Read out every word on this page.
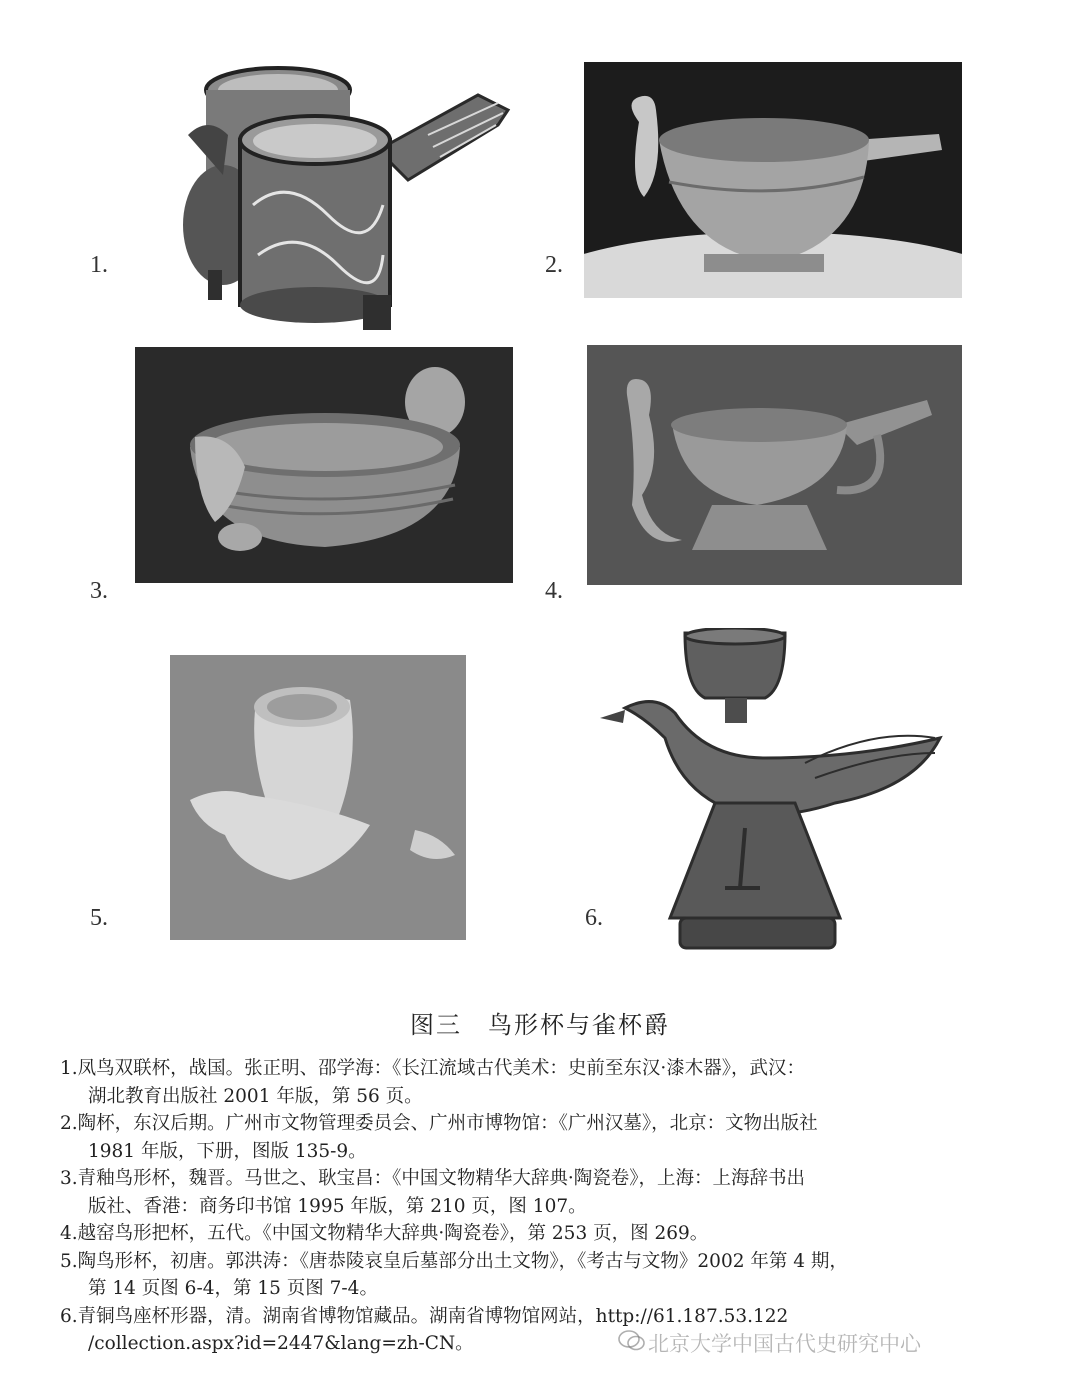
1.	2.
3.	4.
5.	6.
图三　鸟形杯与雀杯爵

1.凤鸟双联杯，战国。张正明、邵学海：《长江流域古代美术：史前至东汉·漆木器》，武汉：
湖北教育出版社 2001 年版，第 56 页。

2.陶杯，东汉后期。广州市文物管理委员会、广州市博物馆：《广州汉墓》，北京：文物出版社
1981 年版，下册，图版 135-9。

3.青釉鸟形杯，魏晋。马世之、耿宝昌：《中国文物精华大辞典·陶瓷卷》，上海：上海辞书出
版社、香港：商务印书馆 1995 年版，第 210 页，图 107。

4.越窑鸟形把杯，五代。《中国文物精华大辞典·陶瓷卷》，第 253 页，图 269。

5.陶鸟形杯，初唐。郭洪涛：《唐恭陵哀皇后墓部分出土文物》，《考古与文物》2002 年第 4 期，
第 14 页图 6-4，第 15 页图 7-4。

6.青铜鸟座杯形器，清。湖南省博物馆藏品。湖南省博物馆网站，http://61.187.53.122
/collection.aspx?id=2447&lang=zh-CN。	北京大学中国古代史研究中心
